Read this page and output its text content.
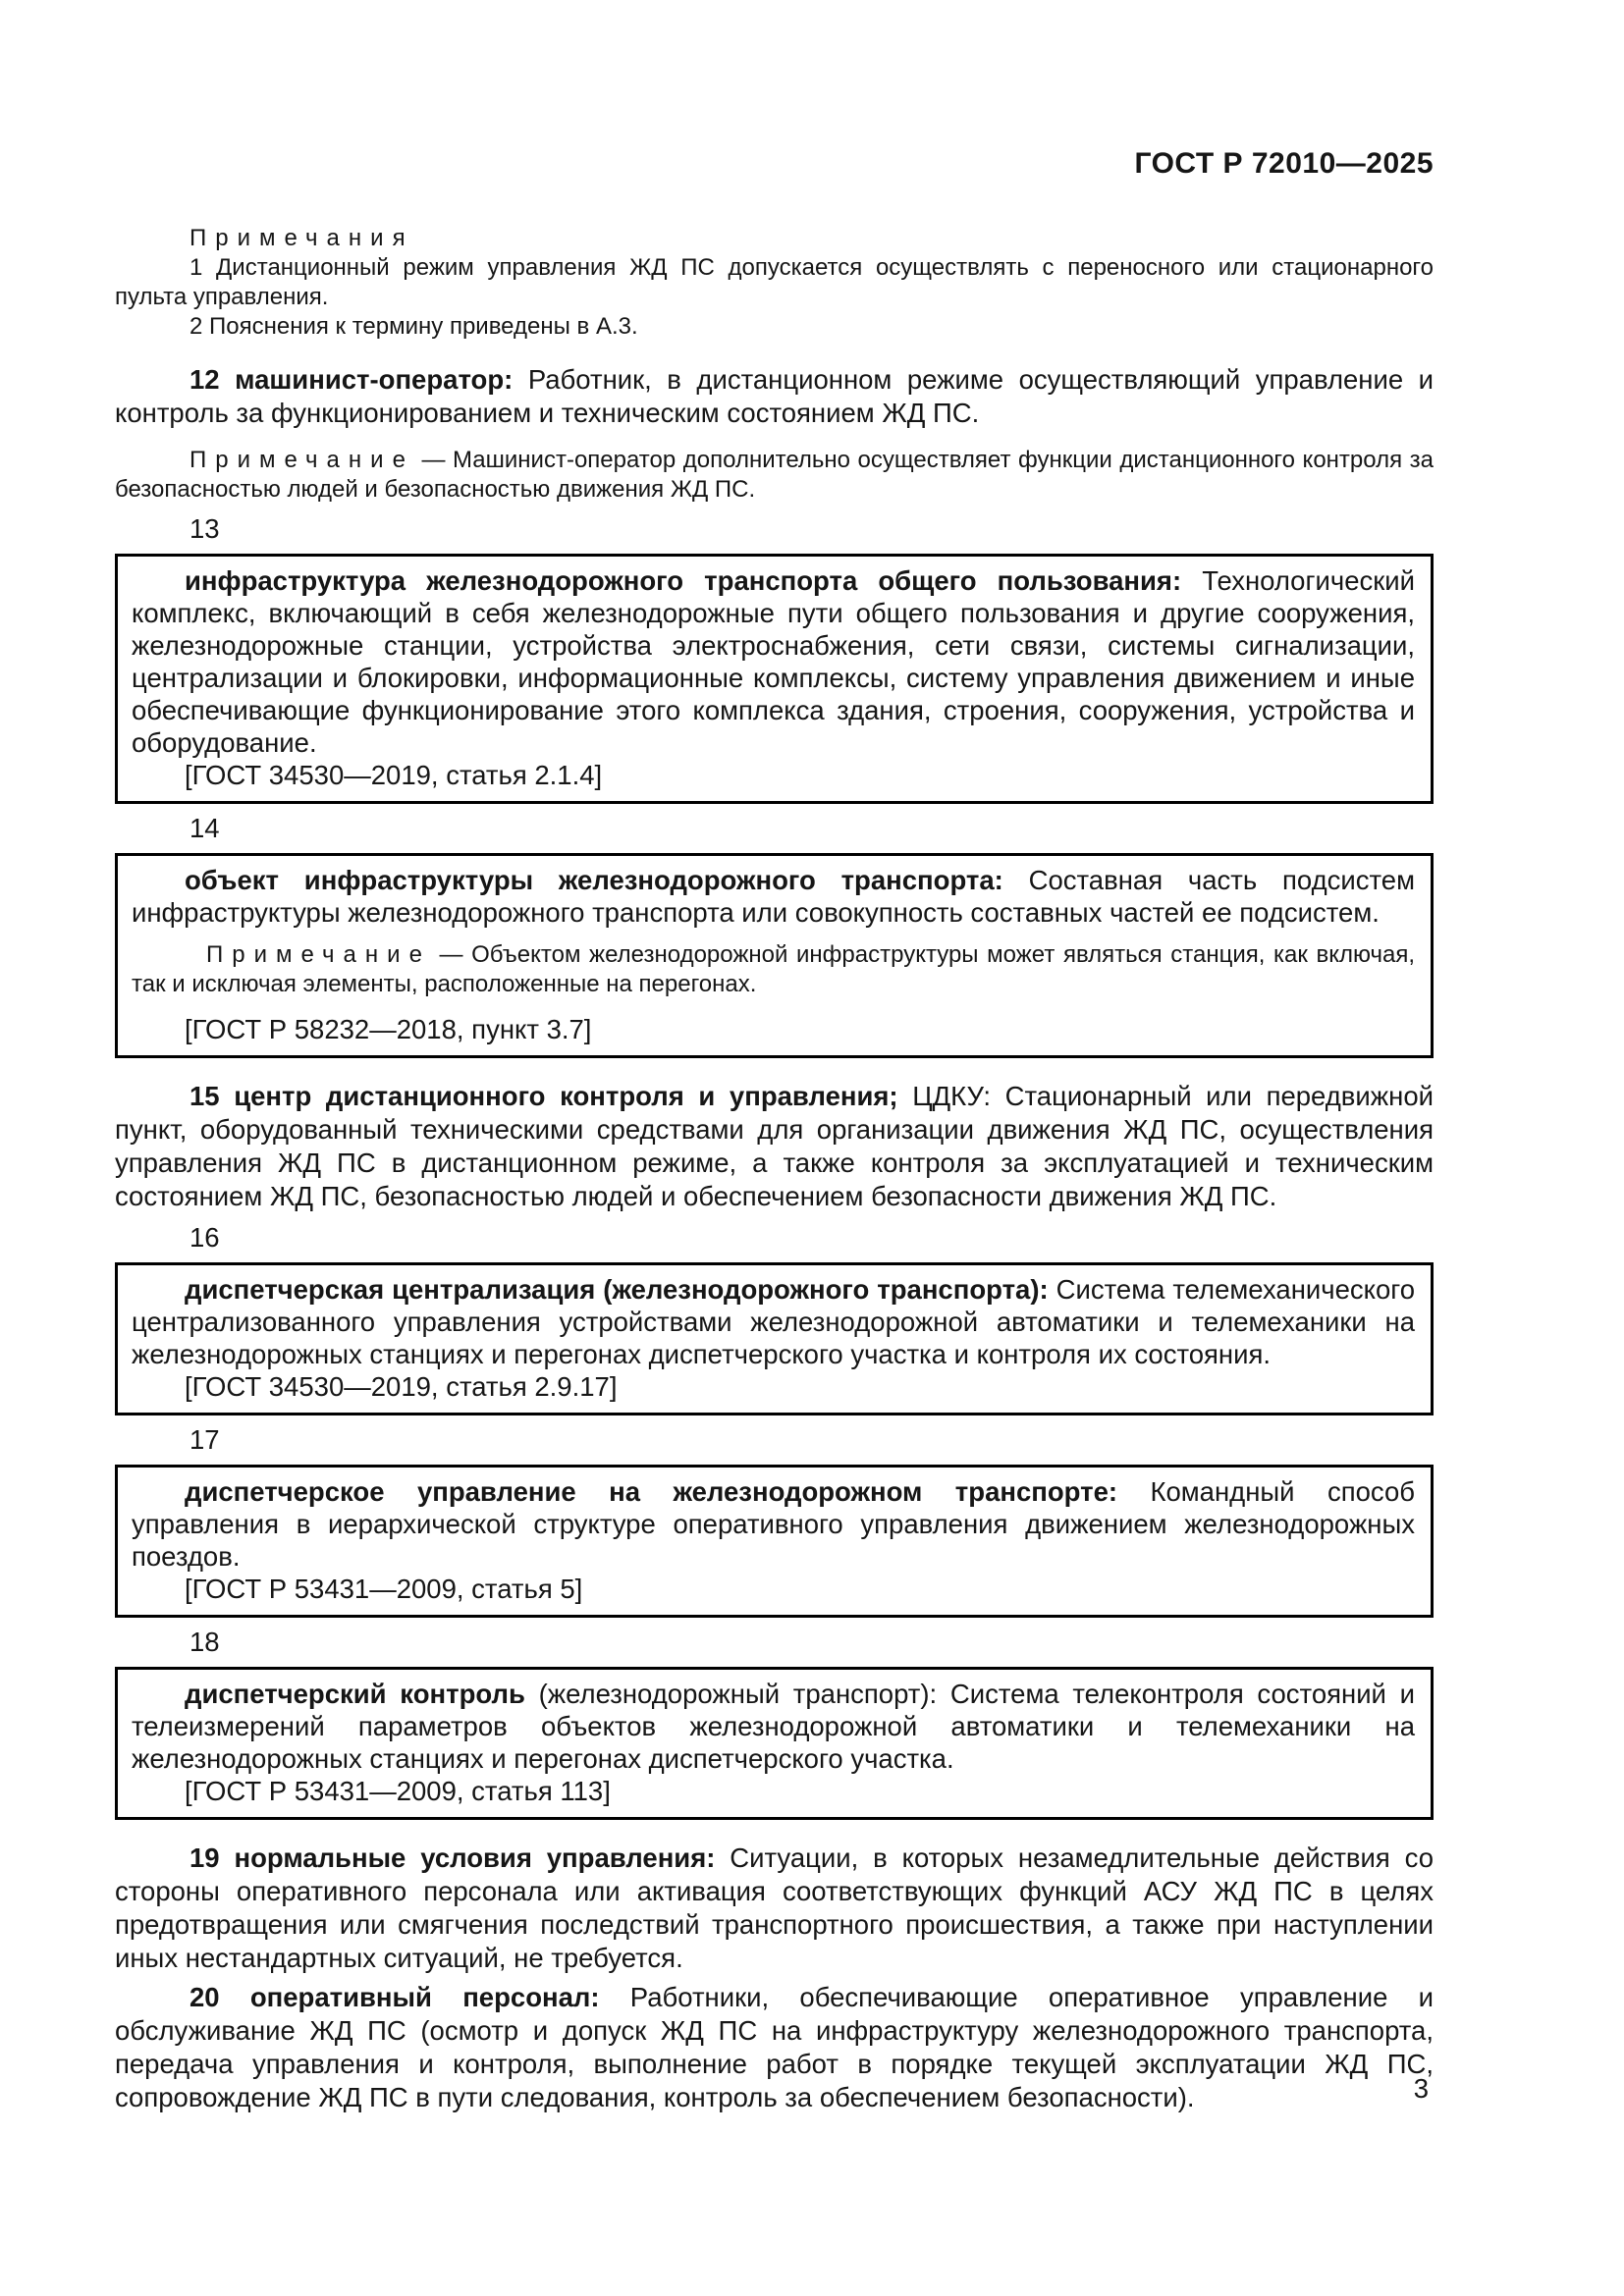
ГОСТ Р 72010—2025

Примечания

1 Дистанционный режим управления ЖД ПС допускается осуществлять с переносного или стационарного пульта управления.

2 Пояснения к термину приведены в А.3.

12 машинист-оператор: Работник, в дистанционном режиме осуществляющий управление и контроль за функционированием и техническим состоянием ЖД ПС.

Примечание — Машинист-оператор дополнительно осуществляет функции дистанционного контроля за безопасностью людей и безопасностью движения ЖД ПС.

13

инфраструктура железнодорожного транспорта общего пользования: Технологический комплекс, включающий в себя железнодорожные пути общего пользования и другие сооружения, железнодорожные станции, устройства электроснабжения, сети связи, системы сигнализации, централизации и блокировки, информационные комплексы, систему управления движением и иные обеспечивающие функционирование этого комплекса здания, строения, сооружения, устройства и оборудование.

[ГОСТ 34530—2019, статья 2.1.4]

14

объект инфраструктуры железнодорожного транспорта: Составная часть подсистем инфраструктуры железнодорожного транспорта или совокупность составных частей ее подсистем.

Примечание — Объектом железнодорожной инфраструктуры может являться станция, как включая, так и исключая элементы, расположенные на перегонах.

[ГОСТ Р 58232—2018, пункт 3.7]

15 центр дистанционного контроля и управления; ЦДКУ: Стационарный или передвижной пункт, оборудованный техническими средствами для организации движения ЖД ПС, осуществления управления ЖД ПС в дистанционном режиме, а также контроля за эксплуатацией и техническим состоянием ЖД ПС, безопасностью людей и обеспечением безопасности движения ЖД ПС.

16

диспетчерская централизация (железнодорожного транспорта): Система телемеханического централизованного управления устройствами железнодорожной автоматики и телемеханики на железнодорожных станциях и перегонах диспетчерского участка и контроля их состояния.

[ГОСТ 34530—2019, статья 2.9.17]

17

диспетчерское управление на железнодорожном транспорте: Командный способ управления в иерархической структуре оперативного управления движением железнодорожных поездов.

[ГОСТ Р 53431—2009, статья 5]

18

диспетчерский контроль (железнодорожный транспорт): Система телеконтроля состояний и телеизмерений параметров объектов железнодорожной автоматики и телемеханики на железнодорожных станциях и перегонах диспетчерского участка.

[ГОСТ Р 53431—2009, статья 113]

19 нормальные условия управления: Ситуации, в которых незамедлительные действия со стороны оперативного персонала или активация соответствующих функций АСУ ЖД ПС в целях предотвращения или смягчения последствий транспортного происшествия, а также при наступлении иных нестандартных ситуаций, не требуется.

20 оперативный персонал: Работники, обеспечивающие оперативное управление и обслуживание ЖД ПС (осмотр и допуск ЖД ПС на инфраструктуру железнодорожного транспорта, передача управления и контроля, выполнение работ в порядке текущей эксплуатации ЖД ПС, сопровождение ЖД ПС в пути следования, контроль за обеспечением безопасности).	3
